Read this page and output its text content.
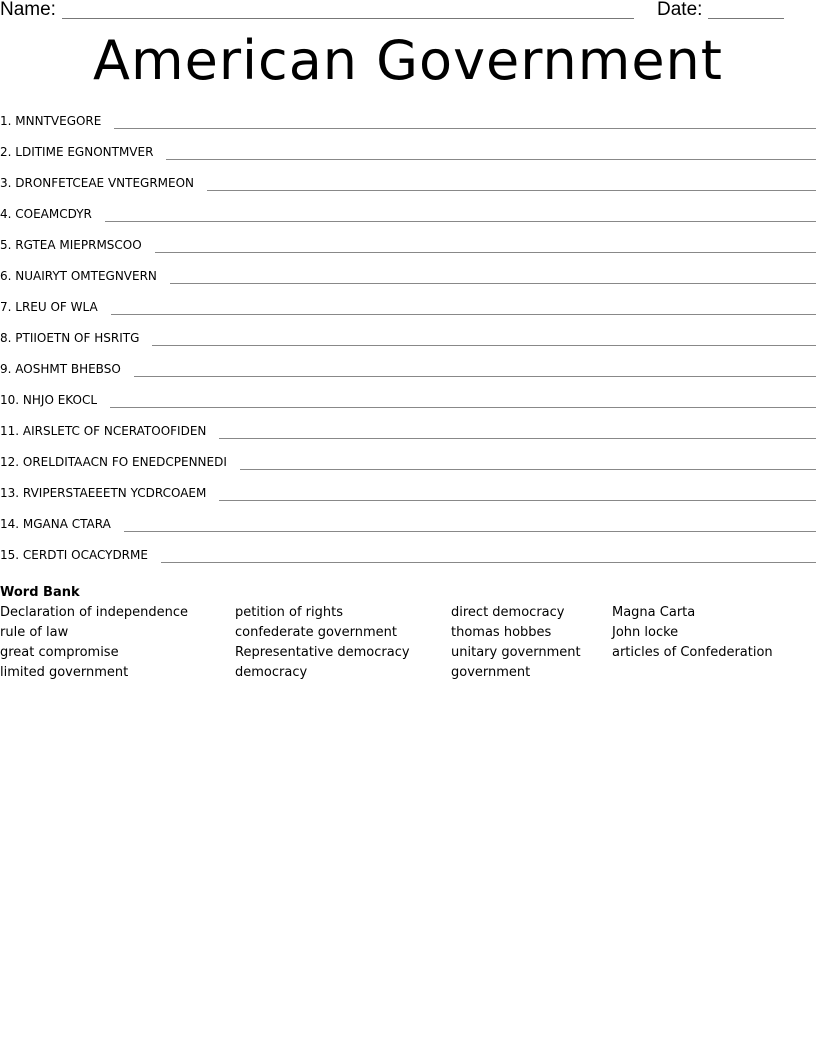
Name:	Date:
American Government
1. MNNTVEGORE
2. LDITIME EGNONTMVER
3. DRONFETCEAE VNTEGRMEON
4. COEAMCDYR
5. RGTEA MIEPRMSCOO
6. NUAIRYT OMTEGNVERN
7. LREU OF WLA
8. PTIIOETN OF HSRITG
9. AOSHMT BHEBSO
10. NHJO EKOCL
11. AIRSLETC OF NCERATOOFIDEN
12. ORELDITAACN FO ENEDCPENNEDI
13. RVIPERSTAEEETN YCDRCOAEM
14. MGANA CTARA
15. CERDTI OCACYDRME
Word Bank
Declaration of independence
rule of law
great compromise
limited government
petition of rights
confederate government
Representative democracy
democracy
direct democracy
thomas hobbes
unitary government
government
Magna Carta
John locke
articles of Confederation
